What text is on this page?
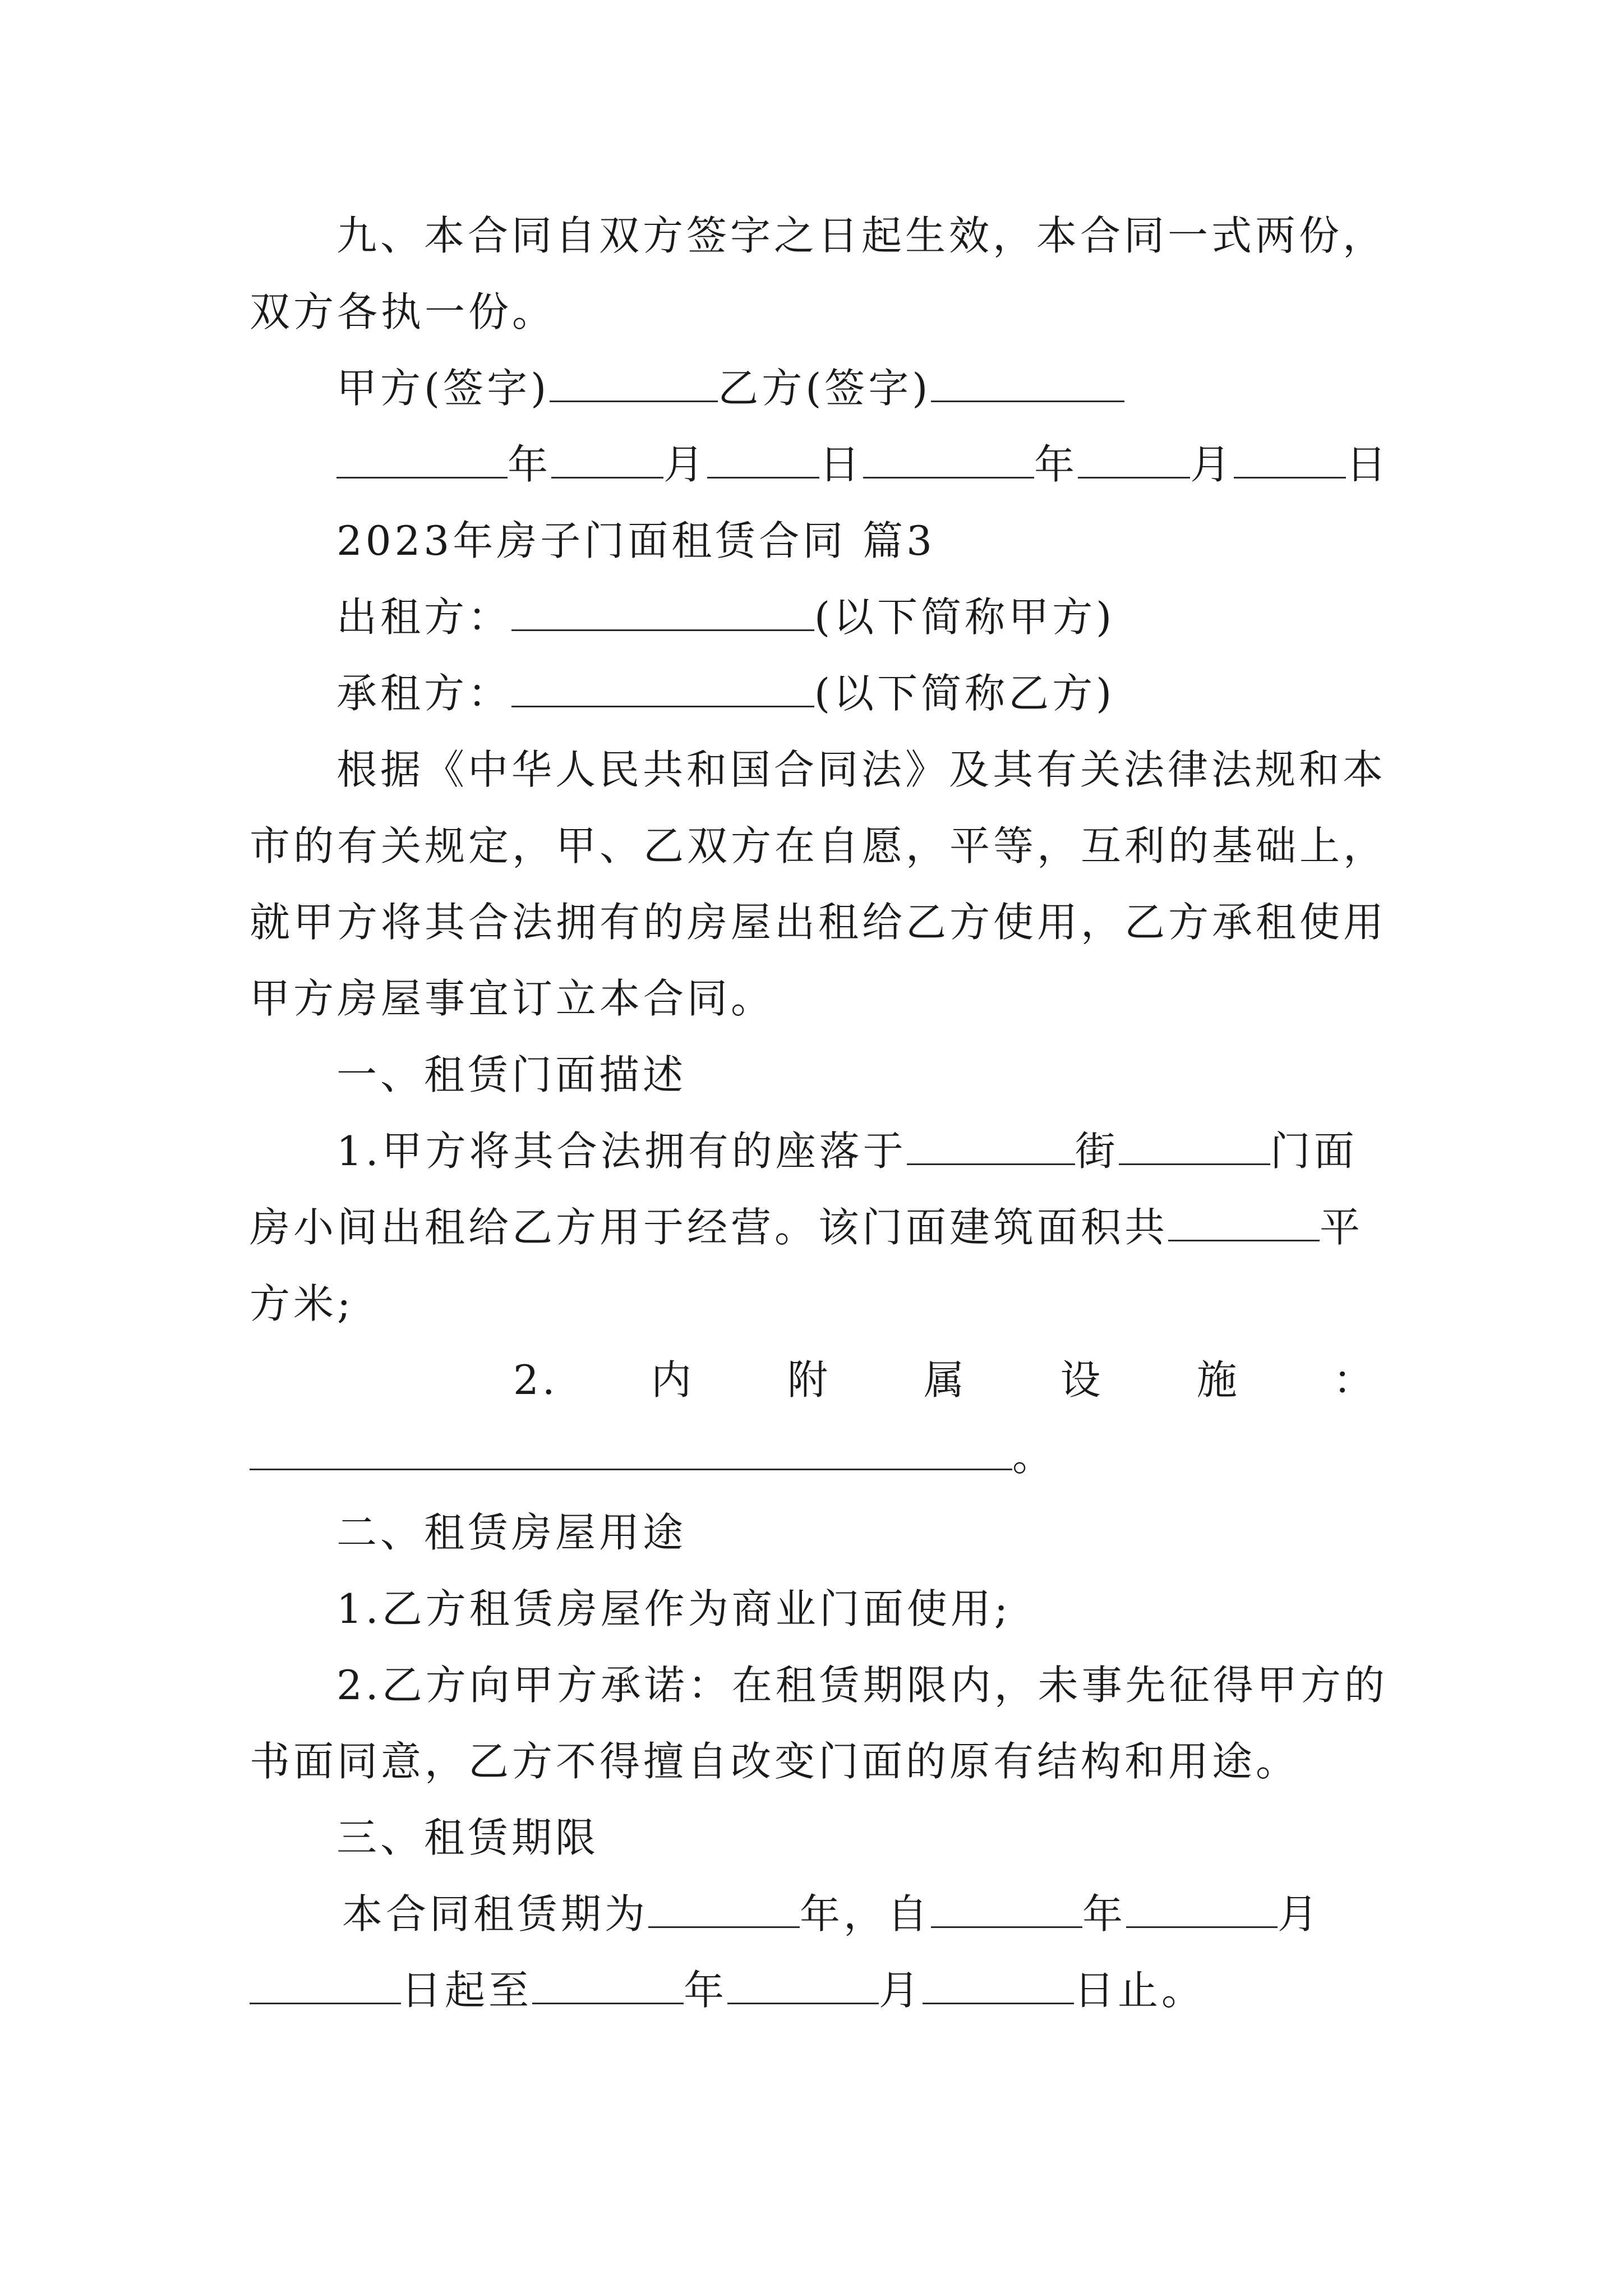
九、本合同自双方签字之日起生效，本合同一式两份，
双方各执一份。
甲方(签字)	乙方(签字)
年	月	日	年	月	日
2023年房子门面租赁合同 篇3
出租方：	(以下简称甲方)
承租方：	(以下简称乙方)
根据《中华人民共和国合同法》及其有关法律法规和本
市的有关规定，甲、乙双方在自愿，平等，互利的基础上，
就甲方将其合法拥有的房屋出租给乙方使用，乙方承租使用
甲方房屋事宜订立本合同。
一、租赁门面描述
1.甲方将其合法拥有的座落于	街	门面
房小间出租给乙方用于经营。该门面建筑面积共	平
方米;
2. 内 附 属 设 施 ：
。
二、租赁房屋用途
1.乙方租赁房屋作为商业门面使用;
2.乙方向甲方承诺：在租赁期限内，未事先征得甲方的
书面同意，乙方不得擅自改变门面的原有结构和用途。
三、租赁期限
本合同租赁期为	年，自	年	月
日起至	年	月	日止。
